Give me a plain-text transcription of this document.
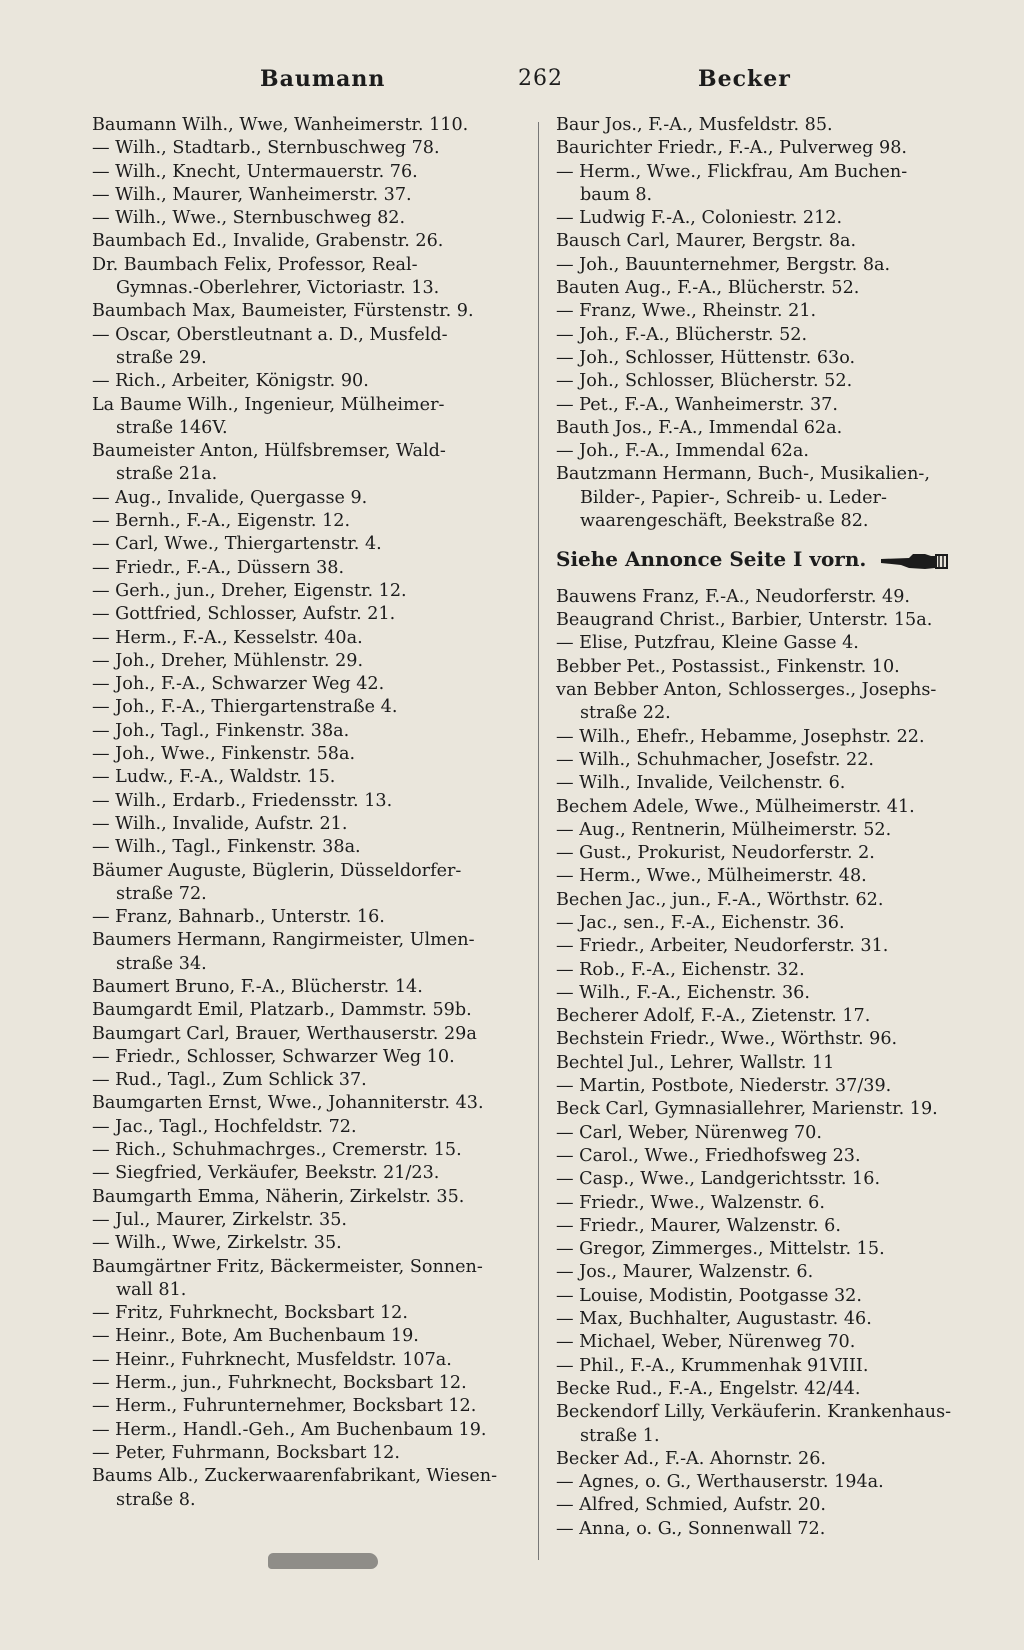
Baumann	262	Becker
Baumann Wilh., Wwe, Wanheimerstr. 110.
— Wilh., Stadtarb., Sternbuschweg 78.
— Wilh., Knecht, Untermauerstr. 76.
— Wilh., Maurer, Wanheimerstr. 37.
— Wilh., Wwe., Sternbuschweg 82.
Baumbach Ed., Invalide, Grabenstr. 26.
Dr. Baumbach Felix, Professor, Real-
Gymnas.-Oberlehrer, Victoriastr. 13.
Baumbach Max, Baumeister, Fürstenstr. 9.
— Oscar, Oberstleutnant a. D., Musfeld-
straße 29.
— Rich., Arbeiter, Königstr. 90.
La Baume Wilh., Ingenieur, Mülheimer-
straße 146V.
Baumeister Anton, Hülfsbremser, Wald-
straße 21a.
— Aug., Invalide, Quergasse 9.
— Bernh., F.-A., Eigenstr. 12.
— Carl, Wwe., Thiergartenstr. 4.
— Friedr., F.-A., Düssern 38.
— Gerh., jun., Dreher, Eigenstr. 12.
— Gottfried, Schlosser, Aufstr. 21.
— Herm., F.-A., Kesselstr. 40a.
— Joh., Dreher, Mühlenstr. 29.
— Joh., F.-A., Schwarzer Weg 42.
— Joh., F.-A., Thiergartenstraße 4.
— Joh., Tagl., Finkenstr. 38a.
— Joh., Wwe., Finkenstr. 58a.
— Ludw., F.-A., Waldstr. 15.
— Wilh., Erdarb., Friedensstr. 13.
— Wilh., Invalide, Aufstr. 21.
— Wilh., Tagl., Finkenstr. 38a.
Bäumer Auguste, Büglerin, Düsseldorfer-
straße 72.
— Franz, Bahnarb., Unterstr. 16.
Baumers Hermann, Rangirmeister, Ulmen-
straße 34.
Baumert Bruno, F.-A., Blücherstr. 14.
Baumgardt Emil, Platzarb., Dammstr. 59b.
Baumgart Carl, Brauer, Werthauserstr. 29a
— Friedr., Schlosser, Schwarzer Weg 10.
— Rud., Tagl., Zum Schlick 37.
Baumgarten Ernst, Wwe., Johanniterstr. 43.
— Jac., Tagl., Hochfeldstr. 72.
— Rich., Schuhmachrges., Cremerstr. 15.
— Siegfried, Verkäufer, Beekstr. 21/23.
Baumgarth Emma, Näherin, Zirkelstr. 35.
— Jul., Maurer, Zirkelstr. 35.
— Wilh., Wwe, Zirkelstr. 35.
Baumgärtner Fritz, Bäckermeister, Sonnen-
wall 81.
— Fritz, Fuhrknecht, Bocksbart 12.
— Heinr., Bote, Am Buchenbaum 19.
— Heinr., Fuhrknecht, Musfeldstr. 107a.
— Herm., jun., Fuhrknecht, Bocksbart 12.
— Herm., Fuhrunternehmer, Bocksbart 12.
— Herm., Handl.-Geh., Am Buchenbaum 19.
— Peter, Fuhrmann, Bocksbart 12.
Baums Alb., Zuckerwaarenfabrikant, Wiesen-
straße 8.
Baur Jos., F.-A., Musfeldstr. 85.
Baurichter Friedr., F.-A., Pulverweg 98.
— Herm., Wwe., Flickfrau, Am Buchen-
baum 8.
— Ludwig F.-A., Coloniestr. 212.
Bausch Carl, Maurer, Bergstr. 8a.
— Joh., Bauunternehmer, Bergstr. 8a.
Bauten Aug., F.-A., Blücherstr. 52.
— Franz, Wwe., Rheinstr. 21.
— Joh., F.-A., Blücherstr. 52.
— Joh., Schlosser, Hüttenstr. 63o.
— Joh., Schlosser, Blücherstr. 52.
— Pet., F.-A., Wanheimerstr. 37.
Bauth Jos., F.-A., Immendal 62a.
— Joh., F.-A., Immendal 62a.
Bautzmann Hermann, Buch-, Musikalien-,
Bilder-, Papier-, Schreib- u. Leder-
waarengeschäft, Beekstraße 82.
Siehe Annonce Seite I vorn.
Bauwens Franz, F.-A., Neudorferstr. 49.
Beaugrand Christ., Barbier, Unterstr. 15a.
— Elise, Putzfrau, Kleine Gasse 4.
Bebber Pet., Postassist., Finkenstr. 10.
van Bebber Anton, Schlosserges., Josephs-
straße 22.
— Wilh., Ehefr., Hebamme, Josephstr. 22.
— Wilh., Schuhmacher, Josefstr. 22.
— Wilh., Invalide, Veilchenstr. 6.
Bechem Adele, Wwe., Mülheimerstr. 41.
— Aug., Rentnerin, Mülheimerstr. 52.
— Gust., Prokurist, Neudorferstr. 2.
— Herm., Wwe., Mülheimerstr. 48.
Bechen Jac., jun., F.-A., Wörthstr. 62.
— Jac., sen., F.-A., Eichenstr. 36.
— Friedr., Arbeiter, Neudorferstr. 31.
— Rob., F.-A., Eichenstr. 32.
— Wilh., F.-A., Eichenstr. 36.
Becherer Adolf, F.-A., Zietenstr. 17.
Bechstein Friedr., Wwe., Wörthstr. 96.
Bechtel Jul., Lehrer, Wallstr. 11
— Martin, Postbote, Niederstr. 37/39.
Beck Carl, Gymnasiallehrer, Marienstr. 19.
— Carl, Weber, Nürenweg 70.
— Carol., Wwe., Friedhofsweg 23.
— Casp., Wwe., Landgerichtsstr. 16.
— Friedr., Wwe., Walzenstr. 6.
— Friedr., Maurer, Walzenstr. 6.
— Gregor, Zimmerges., Mittelstr. 15.
— Jos., Maurer, Walzenstr. 6.
— Louise, Modistin, Pootgasse 32.
— Max, Buchhalter, Augustastr. 46.
— Michael, Weber, Nürenweg 70.
— Phil., F.-A., Krummenhak 91VIII.
Becke Rud., F.-A., Engelstr. 42/44.
Beckendorf Lilly, Verkäuferin. Krankenhaus-
straße 1.
Becker Ad., F.-A. Ahornstr. 26.
— Agnes, o. G., Werthauserstr. 194a.
— Alfred, Schmied, Aufstr. 20.
— Anna, o. G., Sonnenwall 72.
